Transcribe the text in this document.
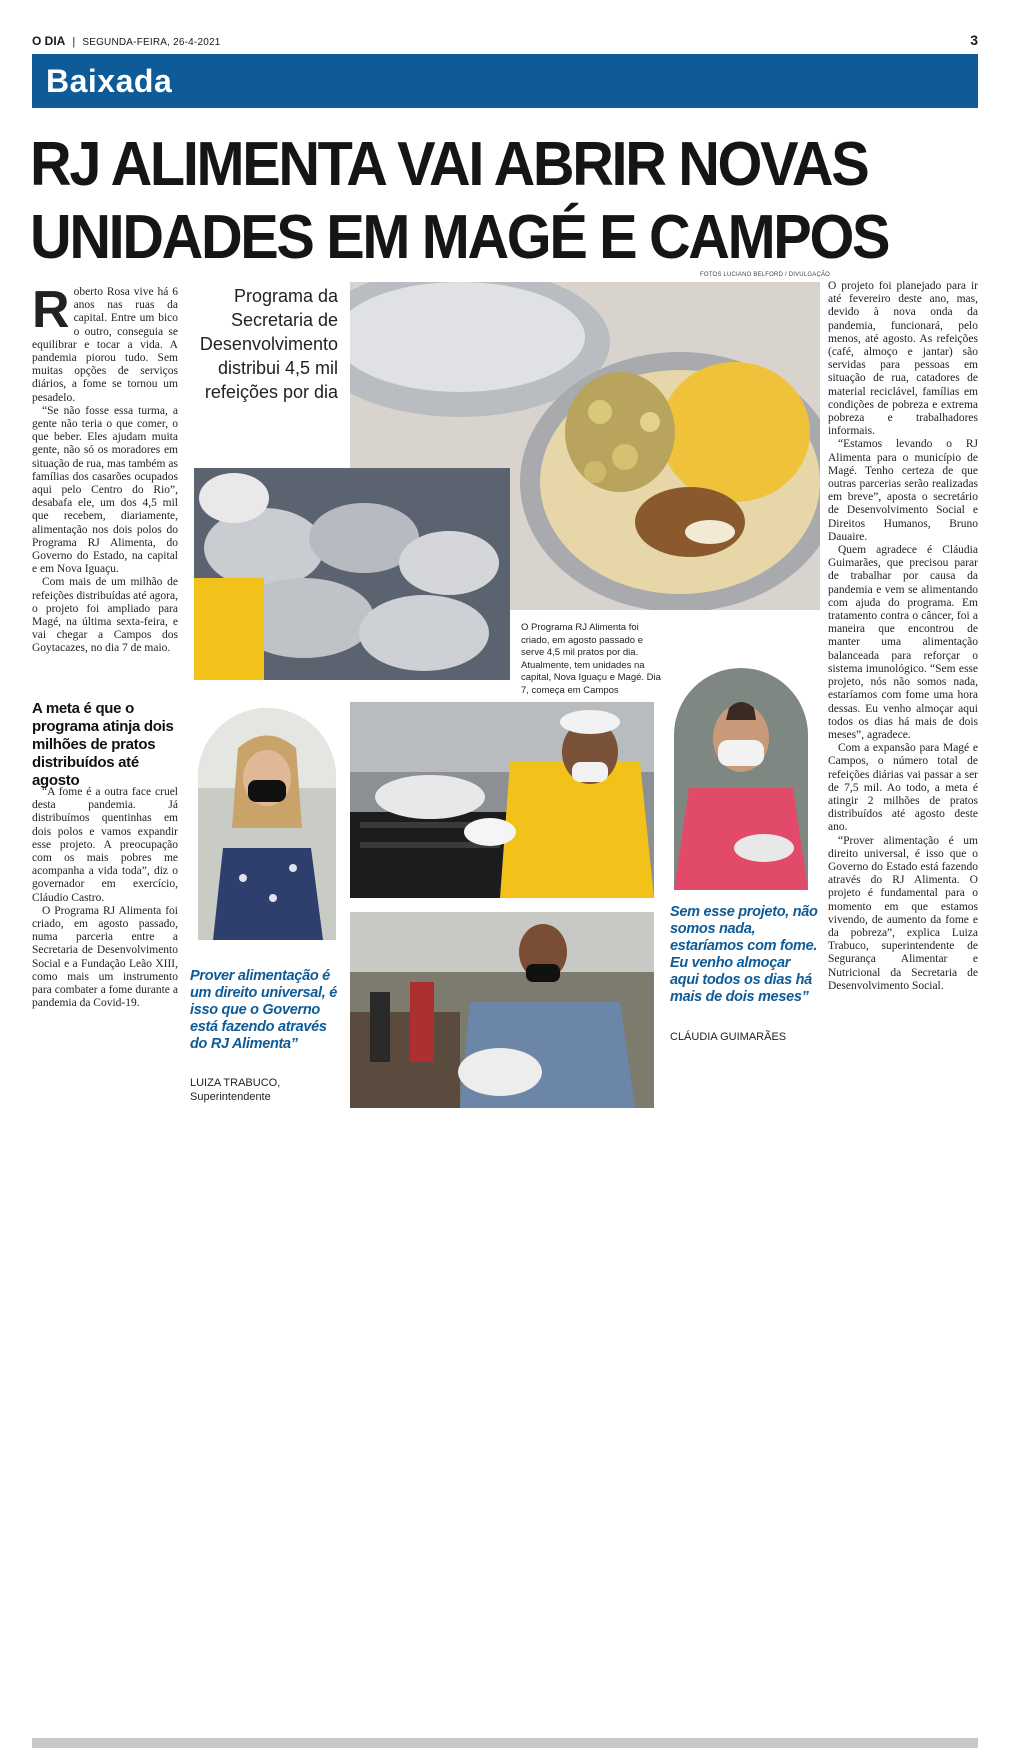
O DIA | SEGUNDA-FEIRA, 26-4-2021	3
Baixada
RJ ALIMENTA VAI ABRIR NOVAS
UNIDADES EM MAGÉ E CAMPOS
R oberto Rosa vive há 6 anos nas ruas da capital. Entre um bico o outro, conseguia se equilibrar e tocar a vida. A pandemia piorou tudo. Sem muitas opções de serviços diários, a fome se tornou um pesadelo.

“Se não fosse essa turma, a gente não teria o que comer, o que beber. Eles ajudam muita gente, não só os moradores em situação de rua, mas também as famílias dos casarões ocupados aqui pelo Centro do Rio”, desabafa ele, um dos 4,5 mil que recebem, diariamente, alimentação nos dois polos do Programa RJ Alimenta, do Governo do Estado, na capital e em Nova Iguaçu.

Com mais de um milhão de refeições distribuídas até agora, o projeto foi ampliado para Magé, na última sexta-feira, e vai chegar a Campos dos Goytacazes, no dia 7 de maio.

A meta é que o programa atinja dois milhões de pratos distribuídos até agosto

“A fome é a outra face cruel desta pandemia. Já distribuímos quentinhas em dois polos e vamos expandir esse projeto. A preocupação com os mais pobres me acompanha a vida toda”, diz o governador em exercício, Cláudio Castro.

O Programa RJ Alimenta foi criado, em agosto passado, numa parceria entre a Secretaria de Desenvolvimento Social e a Fundação Leão XIII, como mais um instrumento para combater a fome durante a pandemia da Covid-19.

Programa da
Secretaria de
Desenvolvimento
distribui 4,5 mil
refeições por dia
FOTOS LUCIANO BELFORD / DIVULGAÇÃO
O Programa RJ Alimenta foi criado, em agosto passado e serve 4,5 mil pratos por dia. Atualmente, tem unidades na capital, Nova Iguaçu e Magé. Dia 7, começa em Campos
Prover alimentação é um direito universal, é isso que o Governo está fazendo através do RJ Alimenta”
LUIZA TRABUCO,
Superintendente
Sem esse projeto, não somos nada, estaríamos com fome. Eu venho almoçar aqui todos os dias há mais de dois meses”
CLÁUDIA GUIMARÃES

O projeto foi planejado para ir até fevereiro deste ano, mas, devido à nova onda da pandemia, funcionará, pelo menos, até agosto. As refeições (café, almoço e jantar) são servidas para pessoas em situação de rua, catadores de material reciclável, famílias em condições de pobreza e extrema pobreza e trabalhadores informais.

“Estamos levando o RJ Alimenta para o município de Magé. Tenho certeza de que outras parcerias serão realizadas em breve”, aposta o secretário de Desenvolvimento Social e Direitos Humanos, Bruno Dauaire.

Quem agradece é Cláudia Guimarães, que precisou parar de trabalhar por causa da pandemia e vem se alimentando com ajuda do programa. Em tratamento contra o câncer, foi a maneira que encontrou de manter uma alimentação balanceada para reforçar o sistema imunológico. “Sem esse projeto, nós não somos nada, estaríamos com fome uma hora dessas. Eu venho almoçar aqui todos os dias há mais de dois meses”, agradece.

Com a expansão para Magé e Campos, o número total de refeições diárias vai passar a ser de 7,5 mil. Ao todo, a meta é atingir 2 milhões de pratos distribuídos até agosto deste ano.

“Prover alimentação é um direito universal, é isso que o Governo do Estado está fazendo através do RJ Alimenta. O projeto é fundamental para o momento em que estamos vivendo, de aumento da fome e da pobreza”, explica Luiza Trabuco, superintendente de Segurança Alimentar e Nutricional da Secretaria de Desenvolvimento Social.
